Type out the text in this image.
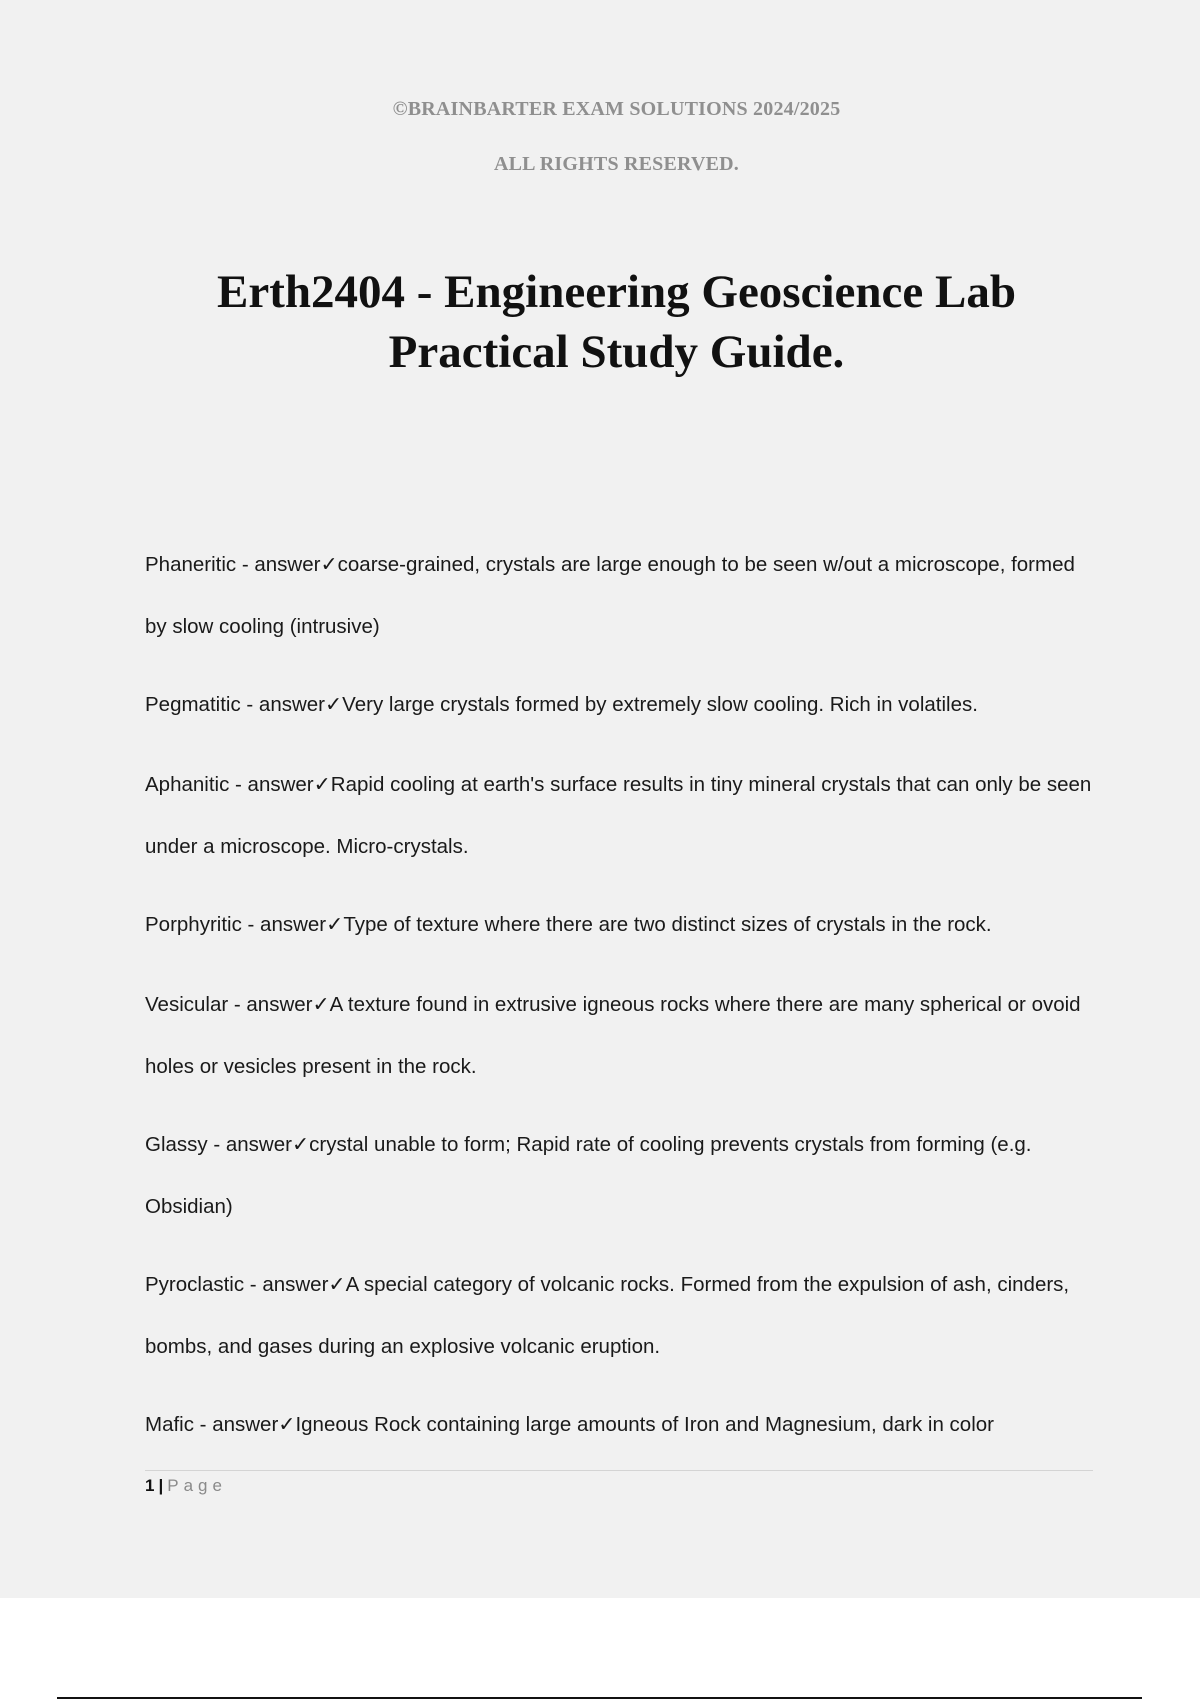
©BRAINBARTER EXAM SOLUTIONS 2024/2025
ALL RIGHTS RESERVED.
Erth2404 - Engineering Geoscience Lab
Practical Study Guide.

Phaneritic - answer✓coarse-grained, crystals are large enough to be seen w/out a microscope, formed by slow cooling (intrusive)

Pegmatitic - answer✓Very large crystals formed by extremely slow cooling. Rich in volatiles.

Aphanitic - answer✓Rapid cooling at earth's surface results in tiny mineral crystals that can only be seen under a microscope. Micro-crystals.

Porphyritic - answer✓Type of texture where there are two distinct sizes of crystals in the rock.

Vesicular - answer✓A texture found in extrusive igneous rocks where there are many spherical or ovoid holes or vesicles present in the rock.

Glassy - answer✓crystal unable to form; Rapid rate of cooling prevents crystals from forming (e.g. Obsidian)

Pyroclastic - answer✓A special category of volcanic rocks. Formed from the expulsion of ash, cinders, bombs, and gases during an explosive volcanic eruption.

Mafic - answer✓Igneous Rock containing large amounts of Iron and Magnesium, dark in color

1 | Page
